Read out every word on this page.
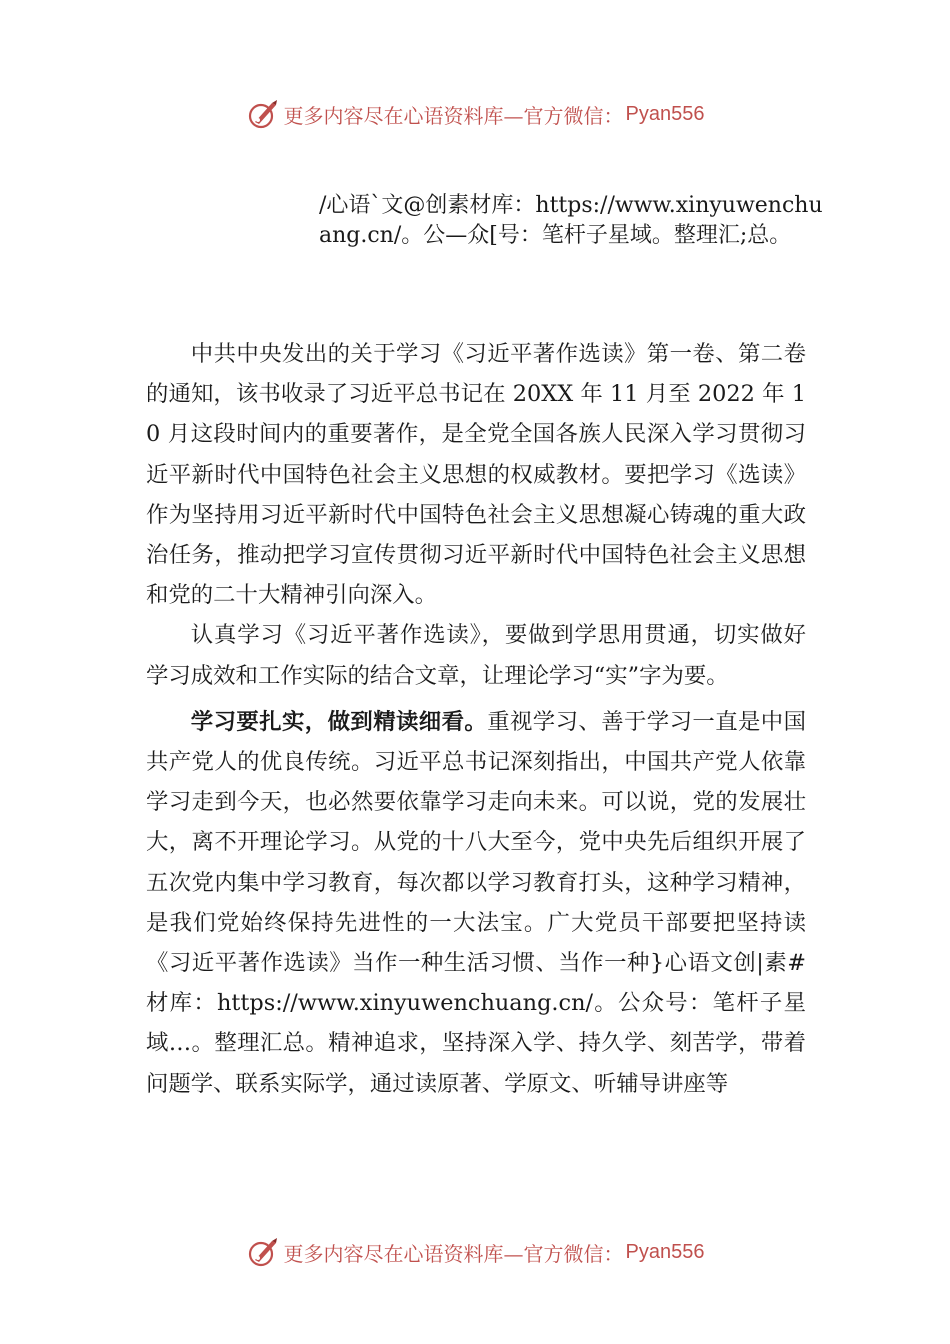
更多内容尽在心语资料库—官方微信： Pyan556
/心语`文@创素材库：https://www.xinyuwenchuang.cn/。公—众[号：笔杆子星域。整理汇;总。

中共中央发出的关于学习《习近平著作选读》第一卷、第二卷的通知，该书收录了习近平总书记在 20XX 年 11 月至 2022 年 10 月这段时间内的重要著作，是全党全国各族人民深入学习贯彻习近平新时代中国特色社会主义思想的权威教材。要把学习《选读》作为坚持用习近平新时代中国特色社会主义思想凝心铸魂的重大政治任务，推动把学习宣传贯彻习近平新时代中国特色社会主义思想和党的二十大精神引向深入。

认真学习《习近平著作选读》，要做到学思用贯通，切实做好学习成效和工作实际的结合文章，让理论学习“实”字为要。

学习要扎实，做到精读细看。重视学习、善于学习一直是中国共产党人的优良传统。习近平总书记深刻指出，中国共产党人依靠学习走到今天，也必然要依靠学习走向未来。可以说，党的发展壮大，离不开理论学习。从党的十八大至今，党中央先后组织开展了五次党内集中学习教育，每次都以学习教育打头，这种学习精神，是我们党始终保持先进性的一大法宝。广大党员干部要把坚持读《习近平著作选读》当作一种生活习惯、当作一种}心语文创|素#材库：https://www.xinyuwenchuang.cn/。公众号：笔杆子星域…。整理汇总。精神追求，坚持深入学、持久学、刻苦学，带着问题学、联系实际学，通过读原著、学原文、听辅导讲座等

更多内容尽在心语资料库—官方微信： Pyan556
